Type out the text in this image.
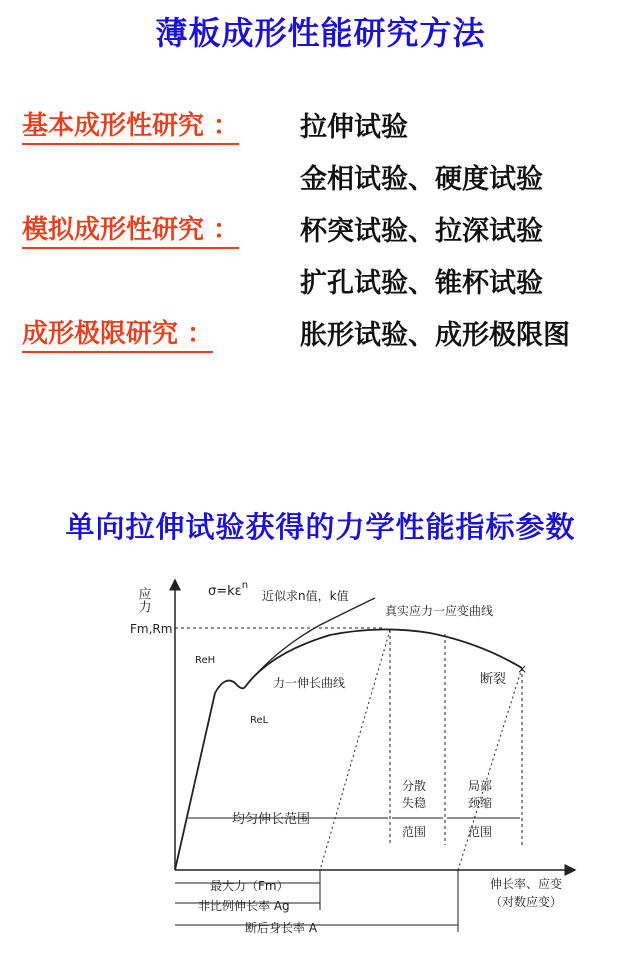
薄板成形性能研究方法
基本成形性研究 ： 拉伸试验
金相试验、硬度试验
模拟成形性研究 ： 杯突试验、拉深试验
扩孔试验、锥杯试验
成形极限研究 ：	胀形试验、成形极限图
单向拉伸试验获得的力学性能指标参数
应力
Fm,Rm
×
$\sigma=k\varepsilon^n$
近似求n值，k值
真实应力一应变曲线
力一伸长曲线	断裂
ReH
ReL
均匀伸长范围
分散
失稳
范围
局部
颈缩
范围
最大力（Fm）
非比例伸长率 Ag
断后身长率 A
伸长率、应变
（对数应变）
